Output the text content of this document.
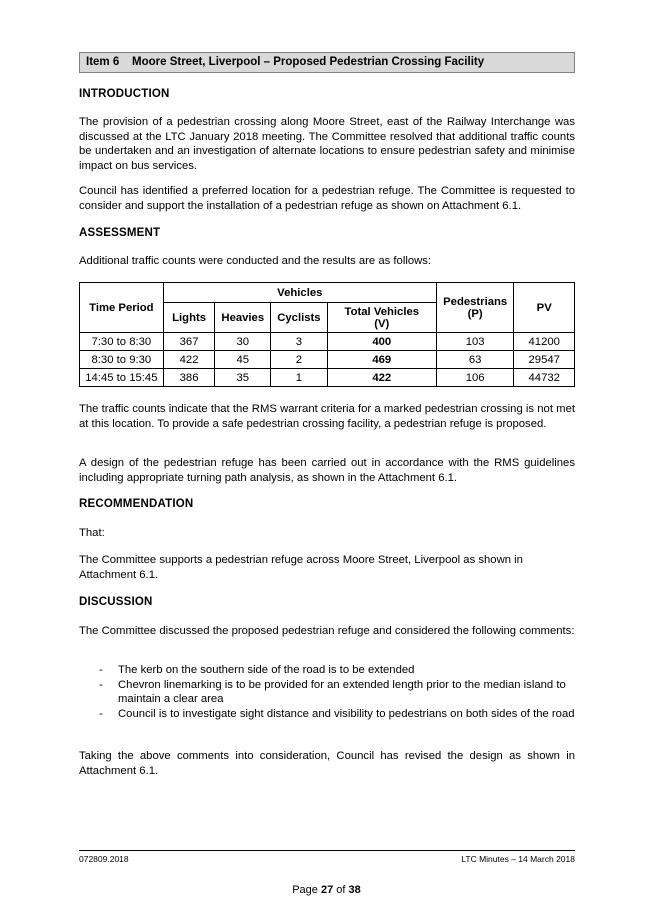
Item 6 Moore Street, Liverpool – Proposed Pedestrian Crossing Facility
INTRODUCTION
The provision of a pedestrian crossing along Moore Street, east of the Railway Interchange was discussed at the LTC January 2018 meeting. The Committee resolved that additional traffic counts be undertaken and an investigation of alternate locations to ensure pedestrian safety and minimise impact on bus services.
Council has identified a preferred location for a pedestrian refuge. The Committee is requested to consider and support the installation of a pedestrian refuge as shown on Attachment 6.1.
ASSESSMENT
Additional traffic counts were conducted and the results are as follows:
Time Period	Vehicles				Pedestrians (P)	PV
	Lights	Heavies	Cyclists	Total Vehicles (V)		
7:30 to 8:30	367	30	3	400	103	41200
8:30 to 9:30	422	45	2	469	63	29547
14:45 to 15:45	386	35	1	422	106	44732
The traffic counts indicate that the RMS warrant criteria for a marked pedestrian crossing is not met at this location. To provide a safe pedestrian crossing facility, a pedestrian refuge is proposed.
A design of the pedestrian refuge has been carried out in accordance with the RMS guidelines including appropriate turning path analysis, as shown in the Attachment 6.1.
RECOMMENDATION
That:
The Committee supports a pedestrian refuge across Moore Street, Liverpool as shown in Attachment 6.1.
DISCUSSION
The Committee discussed the proposed pedestrian refuge and considered the following comments:
- The kerb on the southern side of the road is to be extended
- Chevron linemarking is to be provided for an extended length prior to the median island to maintain a clear area
- Council is to investigate sight distance and visibility to pedestrians on both sides of the road
Taking the above comments into consideration, Council has revised the design as shown in Attachment 6.1.
072809.2018	LTC Minutes – 14 March 2018
Page 27 of 38
